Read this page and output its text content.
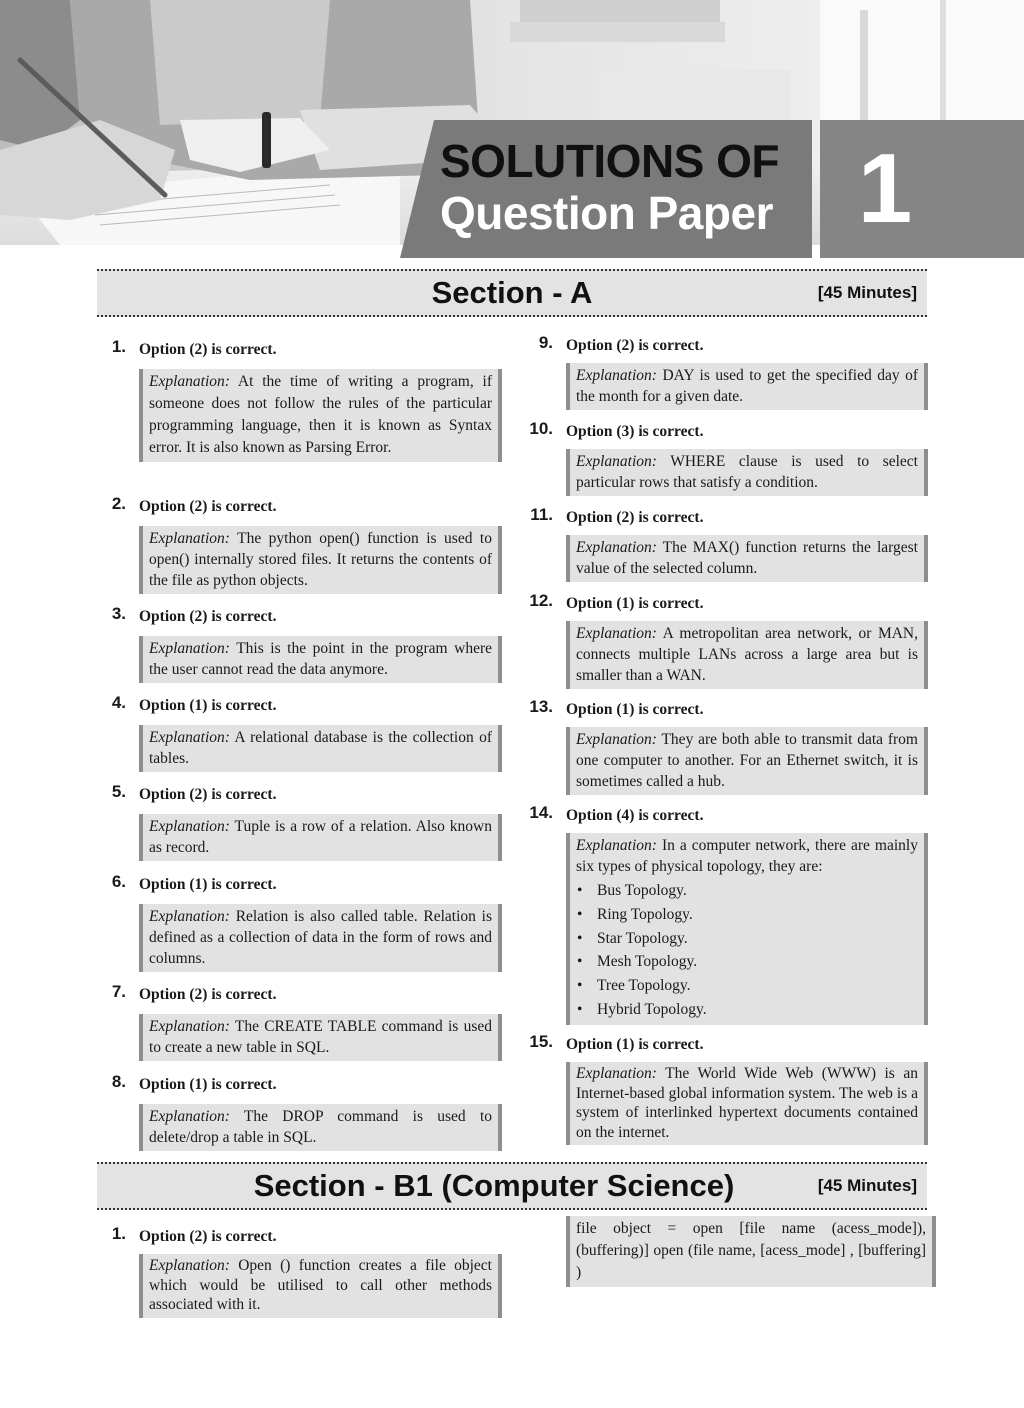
SOLUTIONS OF
Question Paper 1
Section - A	[45 Minutes]
1. Option (2) is correct.
Explanation: At the time of writing a program, if someone does not follow the rules of the particular programming language, then it is known as Syntax error. It is also known as Parsing Error.
2. Option (2) is correct.
Explanation: The python open() function is used to open() internally stored files. It returns the contents of the file as python objects.
3. Option (2) is correct.
Explanation: This is the point in the program where the user cannot read the data anymore.
4. Option (1) is correct.
Explanation: A relational database is the collection of tables.
5. Option (2) is correct.
Explanation: Tuple is a row of a relation. Also known as record.
6. Option (1) is correct.
Explanation: Relation is also called table. Relation is defined as a collection of data in the form of rows and columns.
7. Option (2) is correct.
Explanation: The CREATE TABLE command is used to create a new table in SQL.
8. Option (1) is correct.
Explanation: The DROP command is used to delete/drop a table in SQL.
9. Option (2) is correct.
Explanation: DAY is used to get the specified day of the month for a given date.
10. Option (3) is correct.
Explanation: WHERE clause is used to select particular rows that satisfy a condition.
11. Option (2) is correct.
Explanation: The MAX() function returns the largest value of the selected column.
12. Option (1) is correct.
Explanation: A metropolitan area network, or MAN, connects multiple LANs across a large area but is smaller than a WAN.
13. Option (1) is correct.
Explanation: They are both able to transmit data from one computer to another. For an Ethernet switch, it is sometimes called a hub.
14. Option (4) is correct.
Explanation: In a computer network, there are mainly six types of physical topology, they are:
• Bus Topology.
• Ring Topology.
• Star Topology.
• Mesh Topology.
• Tree Topology.
• Hybrid Topology.
15. Option (1) is correct.
Explanation: The World Wide Web (WWW) is an Internet-based global information system. The web is a system of interlinked hypertext documents contained on the internet.
Section - B1 (Computer Science)	[45 Minutes]
1. Option (2) is correct.
Explanation: Open () function creates a file object which would be utilised to call other methods associated with it.
file object = open [file name (acess_mode]), (buffering)] open (file name, [acess_mode] , [buffering] )
